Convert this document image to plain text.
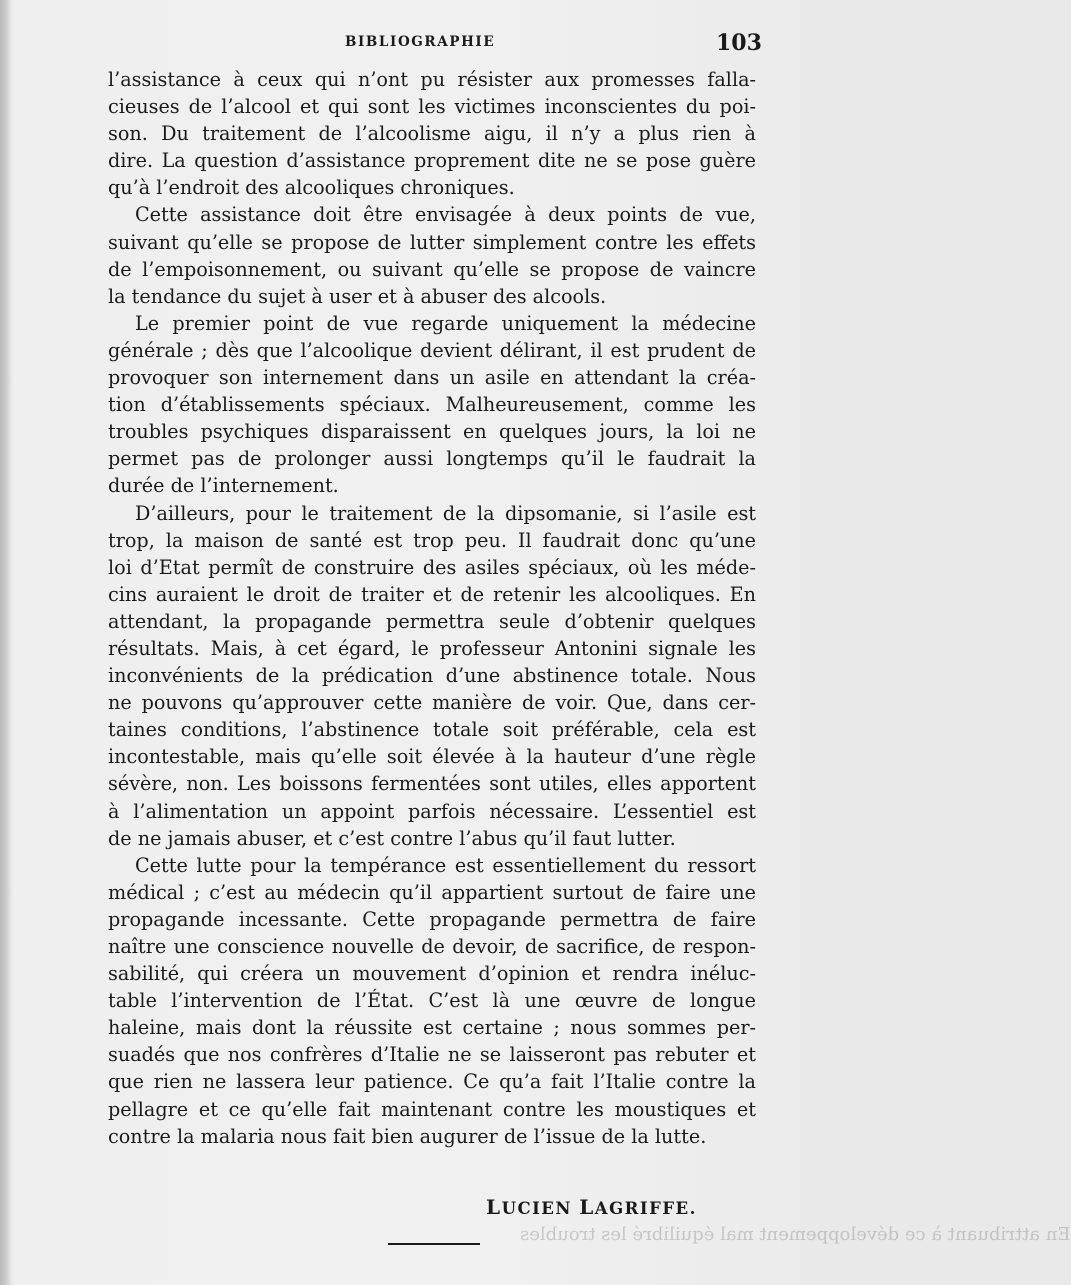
BIBLIOGRAPHIE	103
l’assistance à ceux qui n’ont pu résister aux promesses falla-
cieuses de l’alcool et qui sont les victimes inconscientes du poi-
son. Du traitement de l’alcoolisme aigu, il n’y a plus rien à
dire. La question d’assistance proprement dite ne se pose guère
qu’à l’endroit des alcooliques chroniques.
Cette assistance doit être envisagée à deux points de vue,
suivant qu’elle se propose de lutter simplement contre les effets
de l’empoisonnement, ou suivant qu’elle se propose de vaincre
la tendance du sujet à user et à abuser des alcools.
Le premier point de vue regarde uniquement la médecine
générale ; dès que l’alcoolique devient délirant, il est prudent de
provoquer son internement dans un asile en attendant la créa-
tion d’établissements spéciaux. Malheureusement, comme les
troubles psychiques disparaissent en quelques jours, la loi ne
permet pas de prolonger aussi longtemps qu’il le faudrait la
durée de l’internement.
D’ailleurs, pour le traitement de la dipsomanie, si l’asile est
trop, la maison de santé est trop peu. Il faudrait donc qu’une
loi d’Etat permît de construire des asiles spéciaux, où les méde-
cins auraient le droit de traiter et de retenir les alcooliques. En
attendant, la propagande permettra seule d’obtenir quelques
résultats. Mais, à cet égard, le professeur Antonini signale les
inconvénients de la prédication d’une abstinence totale. Nous
ne pouvons qu’approuver cette manière de voir. Que, dans cer-
taines conditions, l’abstinence totale soit préférable, cela est
incontestable, mais qu’elle soit élevée à la hauteur d’une règle
sévère, non. Les boissons fermentées sont utiles, elles apportent
à l’alimentation un appoint parfois nécessaire. L’essentiel est
de ne jamais abuser, et c’est contre l’abus qu’il faut lutter.
Cette lutte pour la tempérance est essentiellement du ressort
médical ; c’est au médecin qu’il appartient surtout de faire une
propagande incessante. Cette propagande permettra de faire
naître une conscience nouvelle de devoir, de sacrifice, de respon-
sabilité, qui créera un mouvement d’opinion et rendra inéluc-
table l’intervention de l’État. C’est là une œuvre de longue
haleine, mais dont la réussite est certaine ; nous sommes per-
suadés que nos confrères d’Italie ne se laisseront pas rebuter et
que rien ne lassera leur patience. Ce qu’a fait l’Italie contre la
pellagre et ce qu’elle fait maintenant contre les moustiques et
contre la malaria nous fait bien augurer de l’issue de la lutte.
LUCIEN LAGRIFFE.
En attribuant à ce développement mal équilibré les troubles
